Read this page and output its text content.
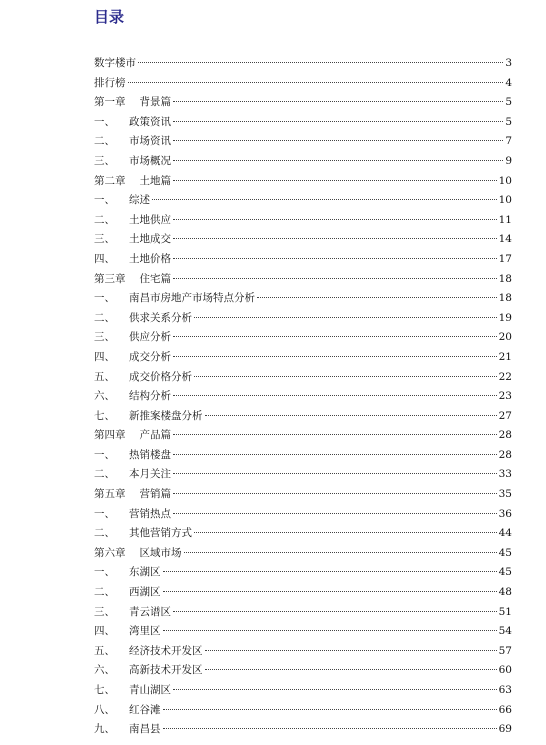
目录
数字楼市	3
排行榜	4
第一章 背景篇	5
一、 政策资讯	5
二、 市场资讯	7
三、 市场概况	9
第二章 土地篇	10
一、 综述	10
二、 土地供应	11
三、 土地成交	14
四、 土地价格	17
第三章 住宅篇	18
一、 南昌市房地产市场特点分析	18
二、 供求关系分析	19
三、 供应分析	20
四、 成交分析	21
五、 成交价格分析	22
六、 结构分析	23
七、 新推案楼盘分析	27
第四章 产品篇	28
一、 热销楼盘	28
二、 本月关注	33
第五章 营销篇	35
一、 营销热点	36
二、 其他营销方式	44
第六章 区域市场	45
一、 东湖区	45
二、 西湖区	48
三、 青云谱区	51
四、 湾里区	54
五、 经济技术开发区	57
六、 高新技术开发区	60
七、 青山湖区	63
八、 红谷滩	66
九、 南昌县	69
